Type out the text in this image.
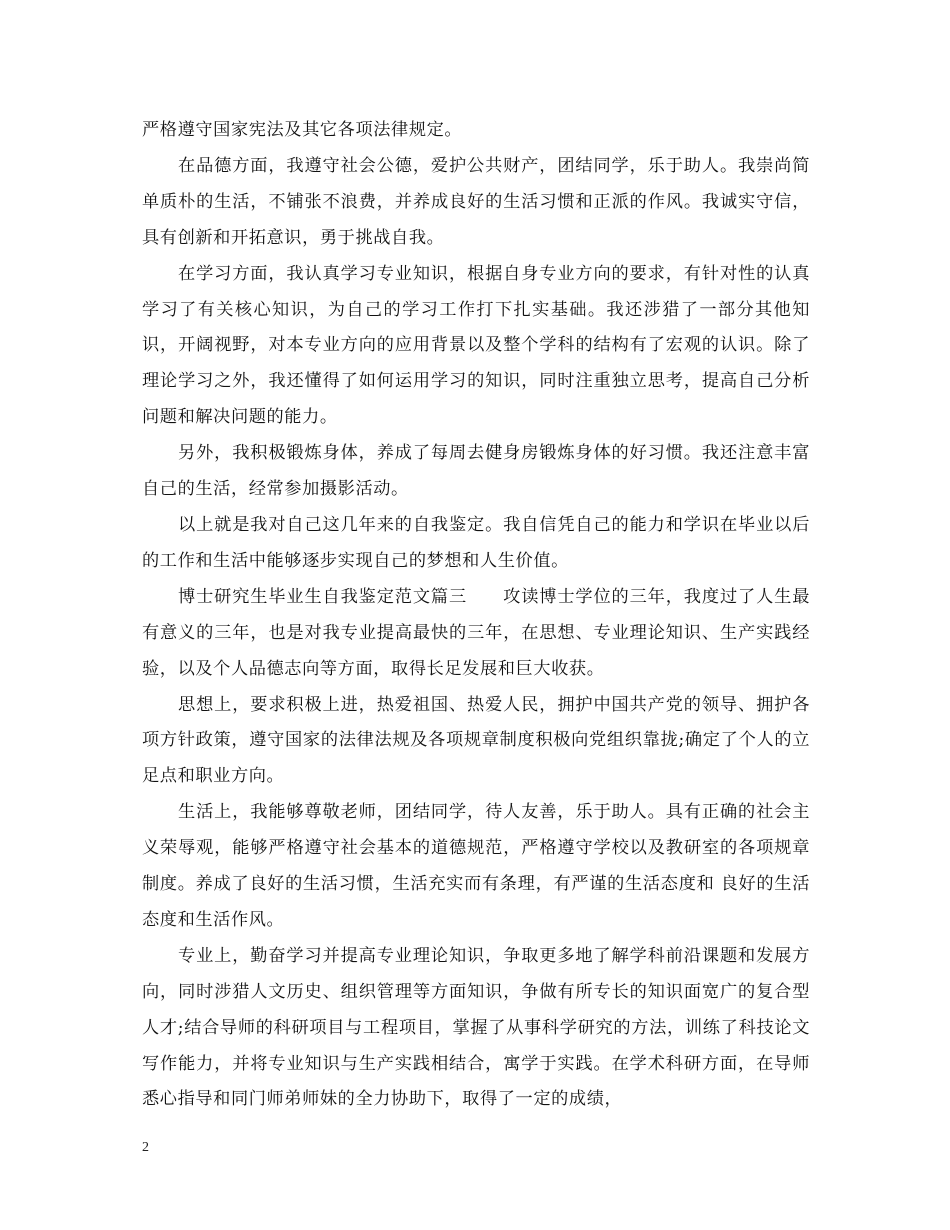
严格遵守国家宪法及其它各项法律规定。

在品德方面，我遵守社会公德，爱护公共财产，团结同学，乐于助人。我崇尚简单质朴的生活，不铺张不浪费，并养成良好的生活习惯和正派的作风。我诚实守信，具有创新和开拓意识，勇于挑战自我。

在学习方面，我认真学习专业知识，根据自身专业方向的要求，有针对性的认真学习了有关核心知识，为自己的学习工作打下扎实基础。我还涉猎了一部分其他知识，开阔视野，对本专业方向的应用背景以及整个学科的结构有了宏观的认识。除了理论学习之外，我还懂得了如何运用学习的知识，同时注重独立思考，提高自己分析问题和解决问题的能力。

另外，我积极锻炼身体，养成了每周去健身房锻炼身体的好习惯。我还注意丰富自己的生活，经常参加摄影活动。

以上就是我对自己这几年来的自我鉴定。我自信凭自己的能力和学识在毕业以后的工作和生活中能够逐步实现自己的梦想和人生价值。

博士研究生毕业生自我鉴定范文篇三　　攻读博士学位的三年，我度过了人生最有意义的三年，也是对我专业提高最快的三年，在思想、专业理论知识、生产实践经验，以及个人品德志向等方面，取得长足发展和巨大收获。

思想上，要求积极上进，热爱祖国、热爱人民，拥护中国共产党的领导、拥护各项方针政策，遵守国家的法律法规及各项规章制度积极向党组织靠拢;确定了个人的立足点和职业方向。

生活上，我能够尊敬老师，团结同学，待人友善，乐于助人。具有正确的社会主义荣辱观，能够严格遵守社会基本的道德规范，严格遵守学校以及教研室的各项规章制度。养成了良好的生活习惯，生活充实而有条理，有严谨的生活态度和 良好的生活态度和生活作风。

专业上，勤奋学习并提高专业理论知识，争取更多地了解学科前沿课题和发展方向，同时涉猎人文历史、组织管理等方面知识，争做有所专长的知识面宽广的复合型人才;结合导师的科研项目与工程项目，掌握了从事科学研究的方法，训练了科技论文写作能力，并将专业知识与生产实践相结合，寓学于实践。在学术科研方面，在导师悉心指导和同门师弟师妹的全力协助下，取得了一定的成绩，

2
